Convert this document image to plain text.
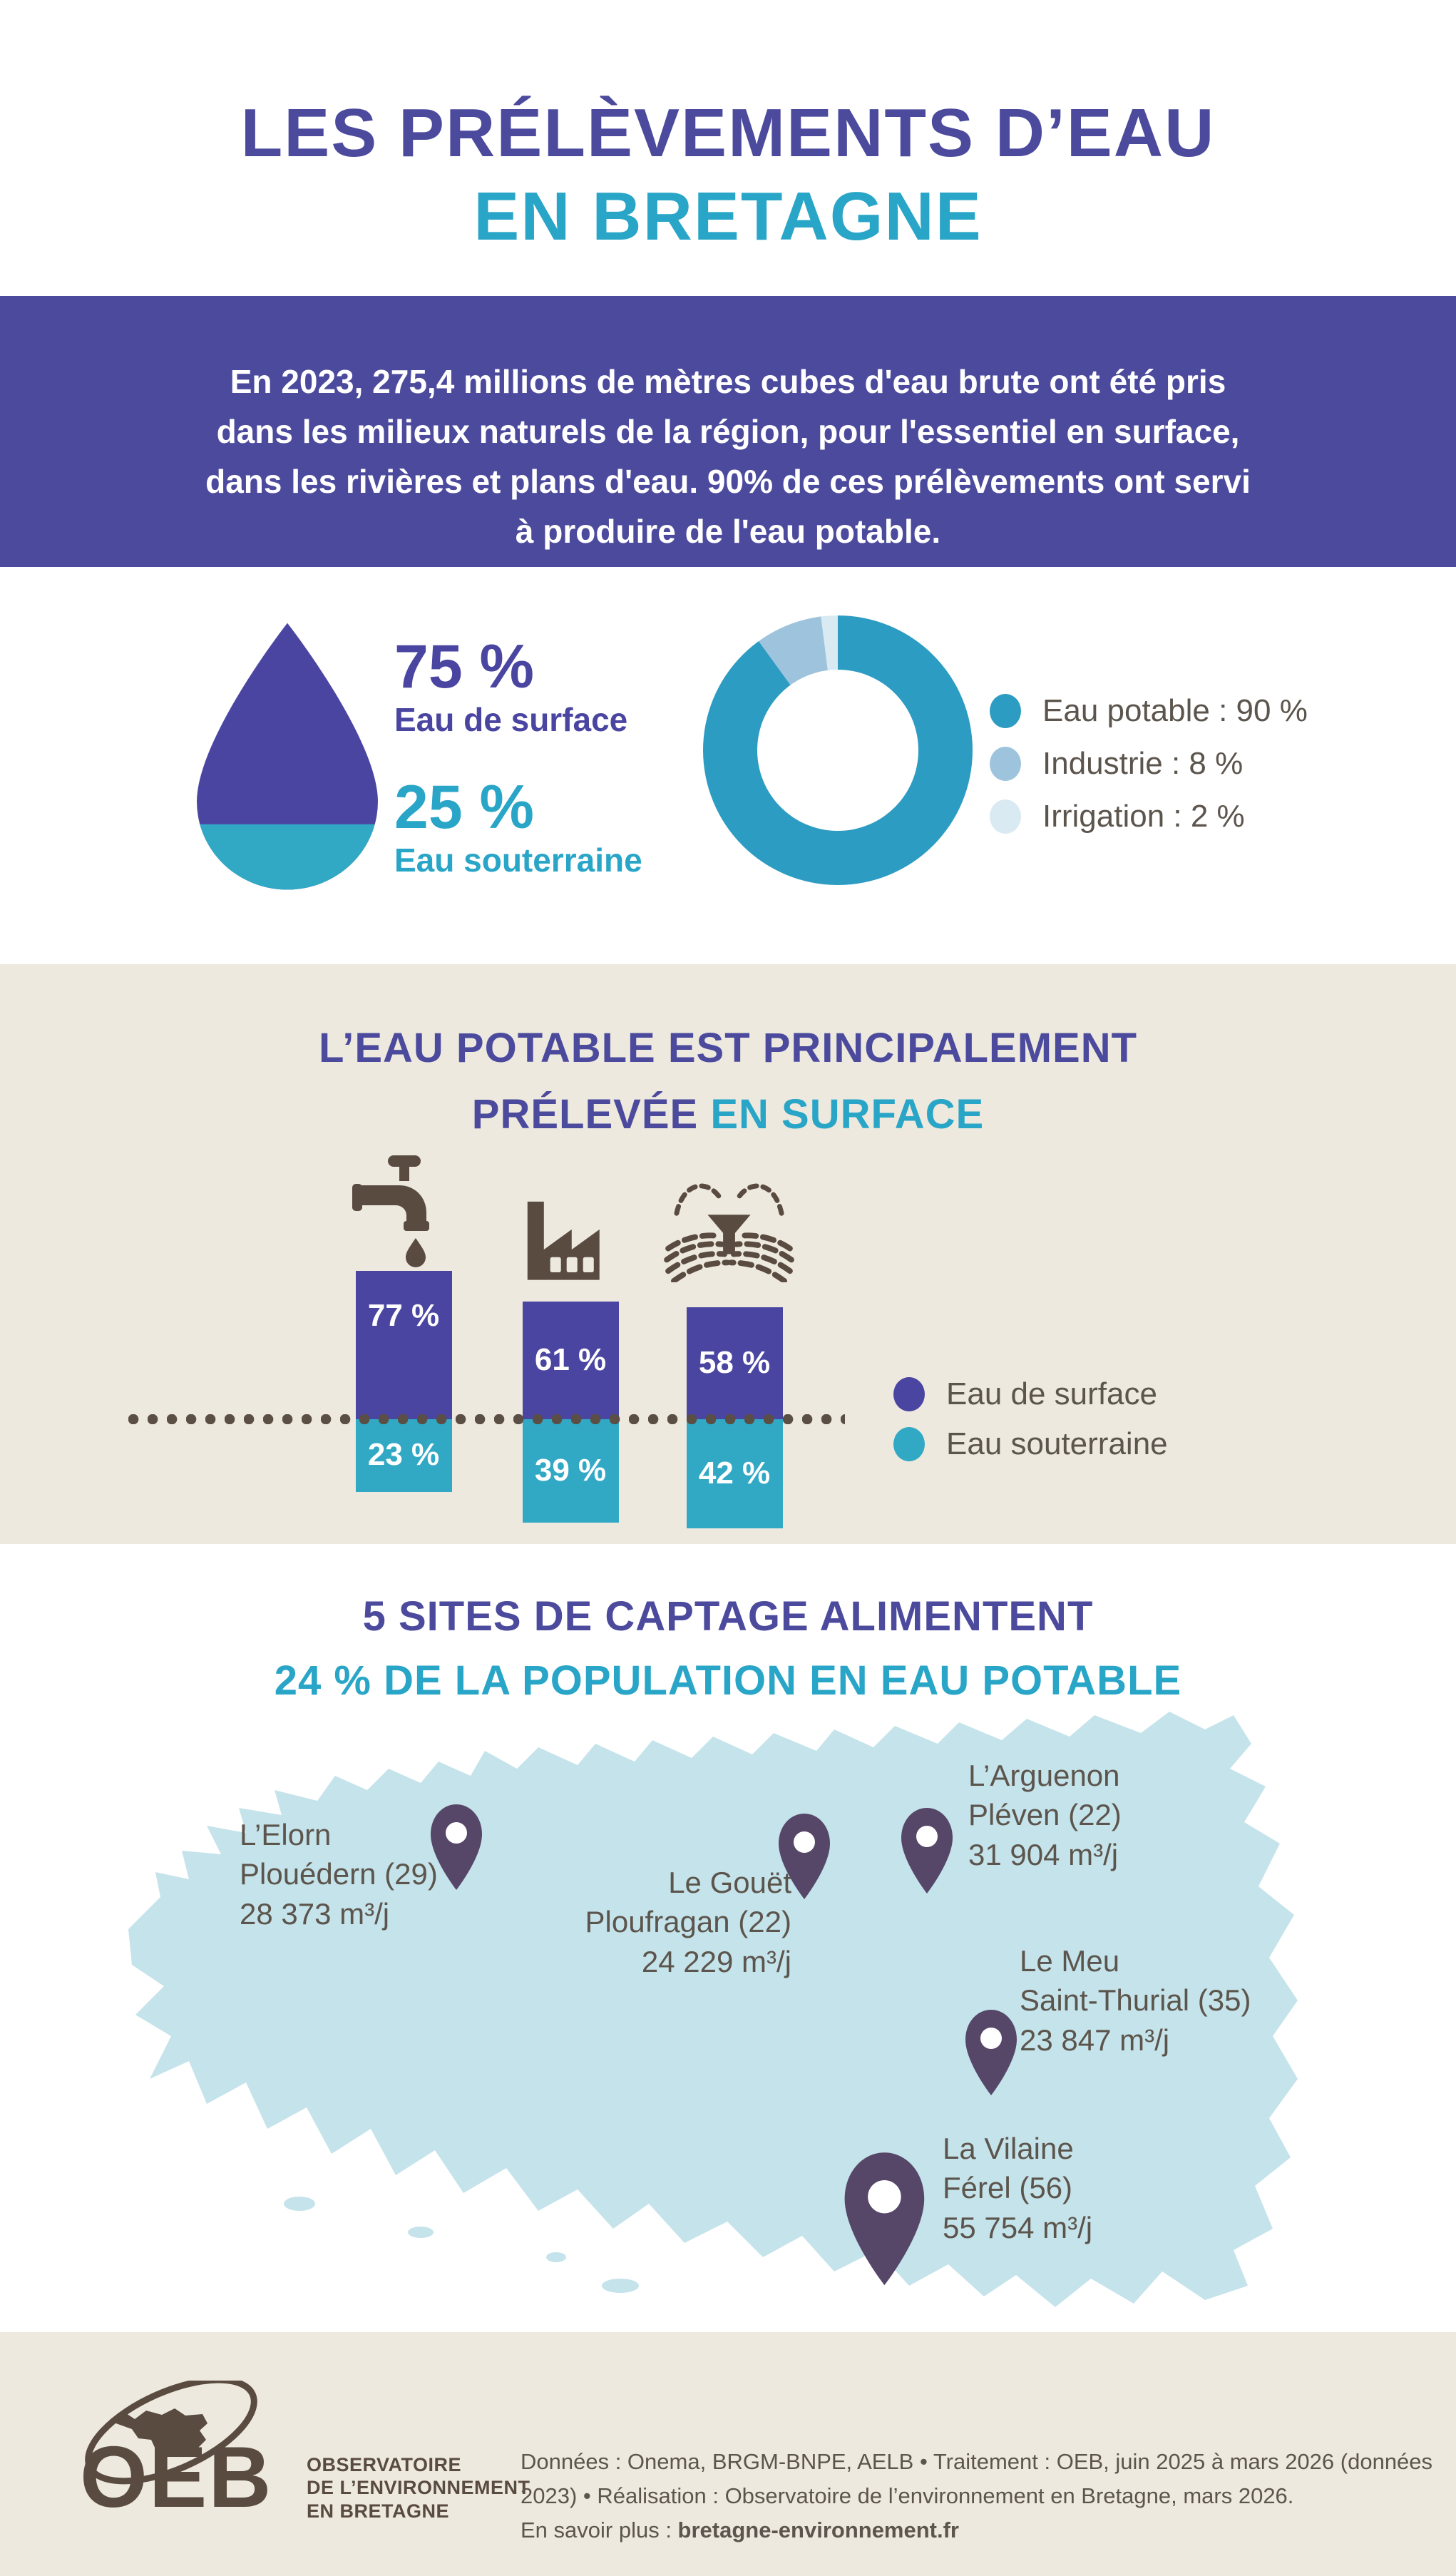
LES PRÉLÈVEMENTS D’EAU
EN BRETAGNE
En 2023, 275,4 millions de mètres cubes d'eau brute ont été pris
dans les milieux naturels de la région, pour l'essentiel en surface,
dans les rivières et plans d'eau. 90% de ces prélèvements ont servi
à produire de l'eau potable.
75 %
Eau de surface
25 %
Eau souterraine
Eau potable : 90 %
Industrie : 8 %
Irrigation : 2 %
L’EAU POTABLE EST PRINCIPALEMENT
PRÉLEVÉE EN SURFACE
77 %
23 %
61 %
39 %
58 %
42 %
Eau de surface
Eau souterraine
5 SITES DE CAPTAGE ALIMENTENT
24 % DE LA POPULATION EN EAU POTABLE
L’Elorn
Plouédern (29)
28 373 m³/j
Le Gouët
Ploufragan (22)
24 229 m³/j
L’Arguenon
Pléven (22)
31 904 m³/j
Le Meu
Saint-Thurial (35)
23 847 m³/j
La Vilaine
Férel (56)
55 754 m³/j
OEB OBSERVATOIRE
DE L’ENVIRONNEMENT
EN BRETAGNE
Données : Onema, BRGM-BNPE, AELB • Traitement : OEB, juin 2025 à mars 2026 (données
2023) • Réalisation : Observatoire de l’environnement en Bretagne, mars 2026.
En savoir plus : bretagne-environnement.fr
